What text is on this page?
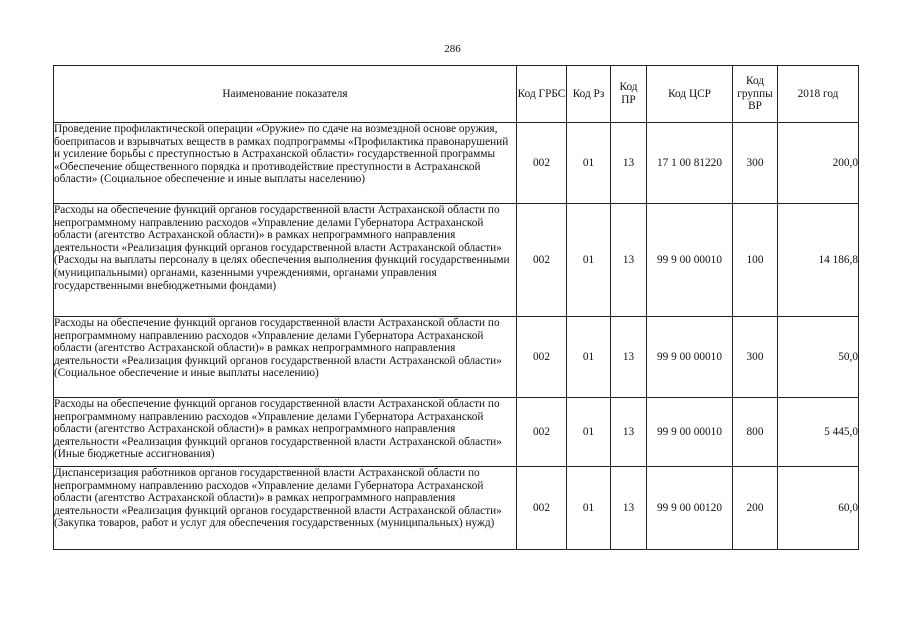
286
Наименование показателя	Код ГРБС	Код Рз	Код ПР	Код ЦСР	Код группы ВР	2018 год
Проведение профилактической операции «Оружие» по сдаче на возмездной основе оружия, боеприпасов и взрывчатых веществ в рамках подпрограммы «Профилактика правонарушений и усиление борьбы с преступностью в Астраханской области» государственной программы «Обеспечение общественного порядка и противодействие преступности в Астраханской области» (Социальное обеспечение и иные выплаты населению)	002	01	13	17 1 00 81220	300	200,0
Расходы на обеспечение функций органов государственной власти Астраханской области по непрограммному направлению расходов «Управление делами Губернатора Астраханской области (агентство Астраханской области)» в рамках непрограммного направления деятельности «Реализация функций органов государственной власти Астраханской области» (Расходы на выплаты персоналу в целях обеспечения выполнения функций государственными (муниципальными) органами, казенными учреждениями, органами управления государственными внебюджетными фондами)	002	01	13	99 9 00 00010	100	14 186,8
Расходы на обеспечение функций органов государственной власти Астраханской области по непрограммному направлению расходов «Управление делами Губернатора Астраханской области (агентство Астраханской области)» в рамках непрограммного направления деятельности «Реализация функций органов государственной власти Астраханской области» (Социальное обеспечение и иные выплаты населению)	002	01	13	99 9 00 00010	300	50,0
Расходы на обеспечение функций органов государственной власти Астраханской области по непрограммному направлению расходов «Управление делами Губернатора Астраханской области (агентство Астраханской области)» в рамках непрограммного направления деятельности «Реализация функций органов государственной власти Астраханской области» (Иные бюджетные ассигнования)	002	01	13	99 9 00 00010	800	5 445,0
Диспансеризация работников органов государственной власти Астраханской области по непрограммному направлению расходов «Управление делами Губернатора Астраханской области (агентство Астраханской области)» в рамках непрограммного направления деятельности «Реализация функций органов государственной власти Астраханской области» (Закупка товаров, работ и услуг для обеспечения государственных (муниципальных) нужд)	002	01	13	99 9 00 00120	200	60,0
